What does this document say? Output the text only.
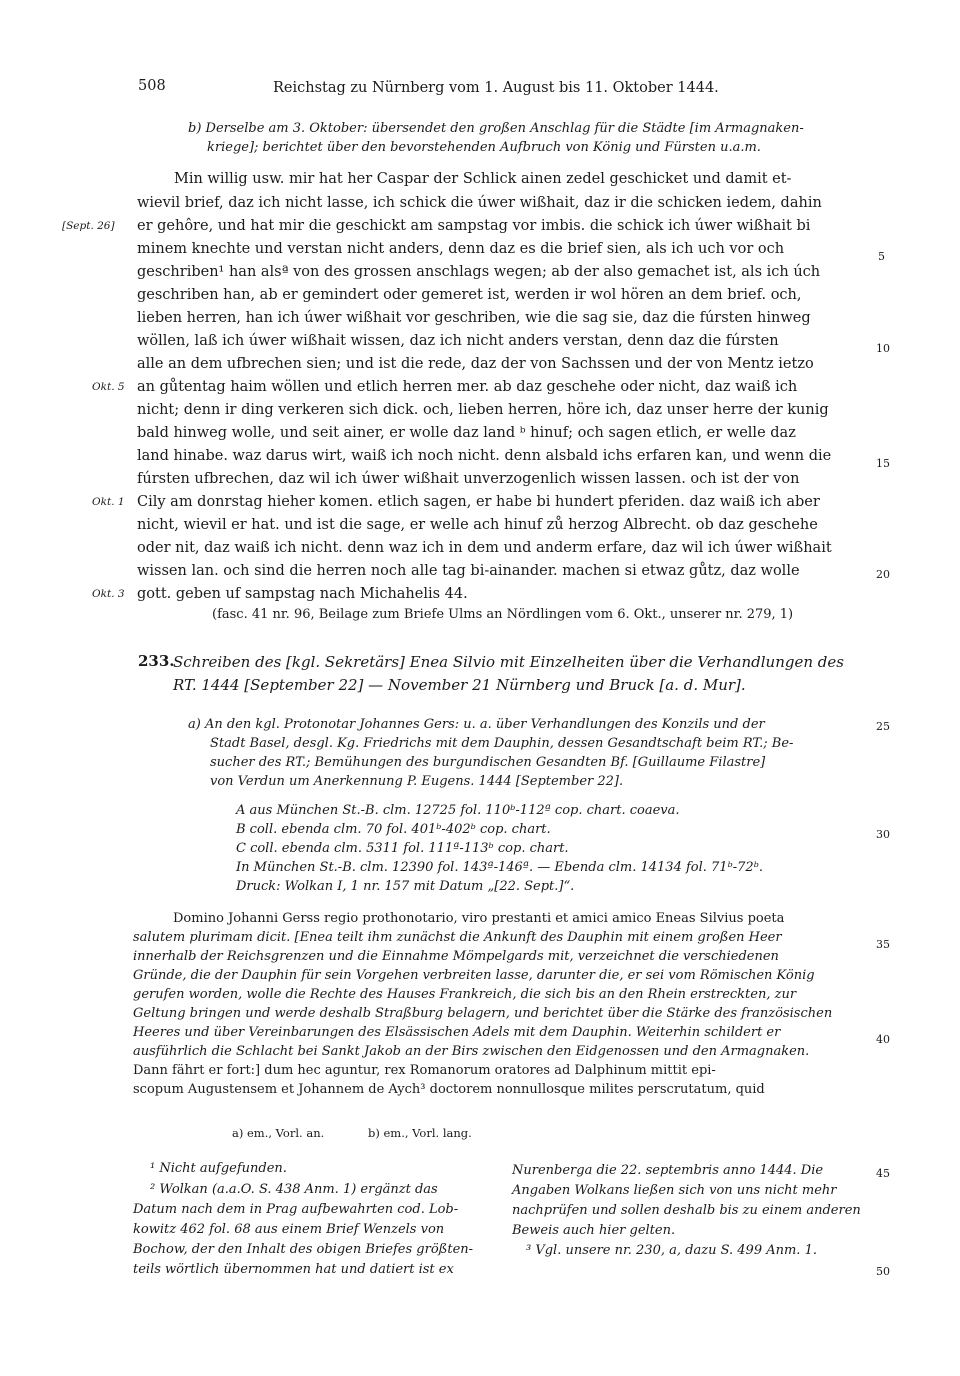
508	Reichstag zu Nürnberg vom 1. August bis 11. Oktober 1444.
b) Derselbe am 3. Oktober: übersendet den großen Anschlag für die Städte [im Armagnaken-
kriege]; berichtet über den bevorstehenden Aufbruch von König und Fürsten u.a.m.
Min willig usw. mir hat her Caspar der Schlick ainen zedel geschicket und damit et-
wievil brief, daz ich nicht lasse, ich schick die úwer wißhait, daz ir die schicken iedem, dahin
er gehôre, und hat mir die geschickt am sampstag vor imbis. die schick ich úwer wißhait bi
minem knechte und verstan nicht anders, denn daz es die brief sien, als ich uch vor och
geschriben¹ han alsª von des grossen anschlags wegen; ab der also gemachet ist, als ich úch
geschriben han, ab er gemindert oder gemeret ist, werden ir wol hören an dem brief. och,
lieben herren, han ich úwer wißhait vor geschriben, wie die sag sie, daz die fúrsten hinweg
wöllen, laß ich úwer wißhait wissen, daz ich nicht anders verstan, denn daz die fúrsten
alle an dem ufbrechen sien; und ist die rede, daz der von Sachssen und der von Mentz ietzo
an gůtentag haim wöllen und etlich herren mer. ab daz geschehe oder nicht, daz waiß ich
nicht; denn ir ding verkeren sich dick. och, lieben herren, höre ich, daz unser herre der kunig
bald hinweg wolle, und seit ainer, er wolle daz land ᵇ hinuf; och sagen etlich, er welle daz
land hinabe. waz darus wirt, waiß ich noch nicht. denn alsbald ichs erfaren kan, und wenn die
fúrsten ufbrechen, daz wil ich úwer wißhait unverzogenlich wissen lassen. och ist der von
Cily am donrstag hieher komen. etlich sagen, er habe bi hundert pferiden. daz waiß ich aber
nicht, wievil er hat. und ist die sage, er welle ach hinuf zů herzog Albrecht. ob daz geschehe
oder nit, daz waiß ich nicht. denn waz ich in dem und anderm erfare, daz wil ich úwer wißhait
wissen lan. och sind die herren noch alle tag bi-ainander. machen si etwaz gůtz, daz wolle
gott. geben uf sampstag nach Michahelis 44.
(fasc. 41 nr. 96, Beilage zum Briefe Ulms an Nördlingen vom 6. Okt., unserer nr. 279, 1)
[Sept. 26]
Okt. 5
Okt. 1
Okt. 3
5
10
15
20
233.
Schreiben des [kgl. Sekretärs] Enea Silvio mit Einzelheiten über die Verhandlungen des
RT. 1444 [September 22] — November 21 Nürnberg und Bruck [a. d. Mur].
a) An den kgl. Protonotar Johannes Gers: u. a. über Verhandlungen des Konzils und der
Stadt Basel, desgl. Kg. Friedrichs mit dem Dauphin, dessen Gesandtschaft beim RT.; Be-
sucher des RT.; Bemühungen des burgundischen Gesandten Bf. [Guillaume Filastre]
von Verdun um Anerkennung P. Eugens. 1444 [September 22].
A aus München St.-B. clm. 12725 fol. 110ᵇ-112ª cop. chart. coaeva.
B coll. ebenda clm. 70 fol. 401ᵇ-402ᵇ cop. chart.
C coll. ebenda clm. 5311 fol. 111ª-113ᵇ cop. chart.
In München St.-B. clm. 12390 fol. 143ª-146ª. — Ebenda clm. 14134 fol. 71ᵇ-72ᵇ.
Druck: Wolkan I, 1 nr. 157 mit Datum „[22. Sept.]“.
Domino Johanni Gerss regio prothonotario, viro prestanti et amici amico Eneas Silvius poeta
salutem plurimam dicit. [Enea teilt ihm zunächst die Ankunft des Dauphin mit einem großen Heer
innerhalb der Reichsgrenzen und die Einnahme Mömpelgards mit, verzeichnet die verschiedenen
Gründe, die der Dauphin für sein Vorgehen verbreiten lasse, darunter die, er sei vom Römischen König
gerufen worden, wolle die Rechte des Hauses Frankreich, die sich bis an den Rhein erstreckten, zur
Geltung bringen und werde deshalb Straßburg belagern, und berichtet über die Stärke des französischen
Heeres und über Vereinbarungen des Elsässischen Adels mit dem Dauphin. Weiterhin schildert er
ausführlich die Schlacht bei Sankt Jakob an der Birs zwischen den Eidgenossen und den Armagnaken.
Dann fährt er fort:] dum hec aguntur, rex Romanorum oratores ad Dalphinum mittit epi-
scopum Augustensem et Johannem de Aych³ doctorem nonnullosque milites perscrutatum, quid
25
30
35
40
a) em., Vorl. an.	b) em., Vorl. lang.
¹ Nicht aufgefunden.
² Wolkan (a.a.O. S. 438 Anm. 1) ergänzt das
Datum nach dem in Prag aufbewahrten cod. Lob-
kowitz 462 fol. 68 aus einem Brief Wenzels von
Bochow, der den Inhalt des obigen Briefes größten-
teils wörtlich übernommen hat und datiert ist ex
Nurenberga die 22. septembris anno 1444. Die
Angaben Wolkans ließen sich von uns nicht mehr
nachprüfen und sollen deshalb bis zu einem anderen
Beweis auch hier gelten.
³ Vgl. unsere nr. 230, a, dazu S. 499 Anm. 1.
45
50
